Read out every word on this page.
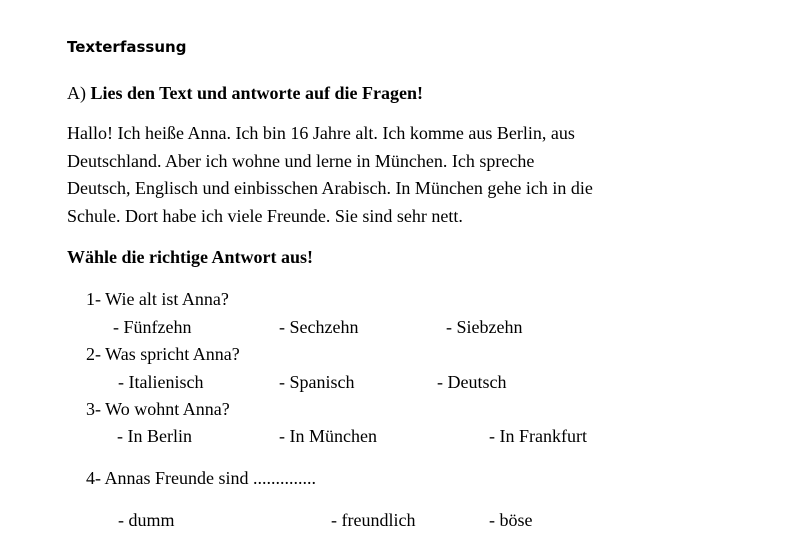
Texterfassung
A) Lies den Text und antworte auf die Fragen!
Hallo! Ich heiße Anna. Ich bin 16 Jahre alt. Ich komme aus Berlin, aus
Deutschland. Aber ich wohne und lerne in München. Ich spreche
Deutsch, Englisch und einbisschen Arabisch. In München gehe ich in die
Schule. Dort habe ich viele Freunde. Sie sind sehr nett.
Wähle die richtige Antwort aus!
1- Wie alt ist Anna?
- Fünfzehn	- Sechzehn	- Siebzehn
2- Was spricht Anna?
- Italienisch	- Spanisch	- Deutsch
3- Wo wohnt Anna?
- In Berlin	- In München	- In Frankfurt
4- Annas Freunde sind ..............
- dumm	- freundlich	- böse
